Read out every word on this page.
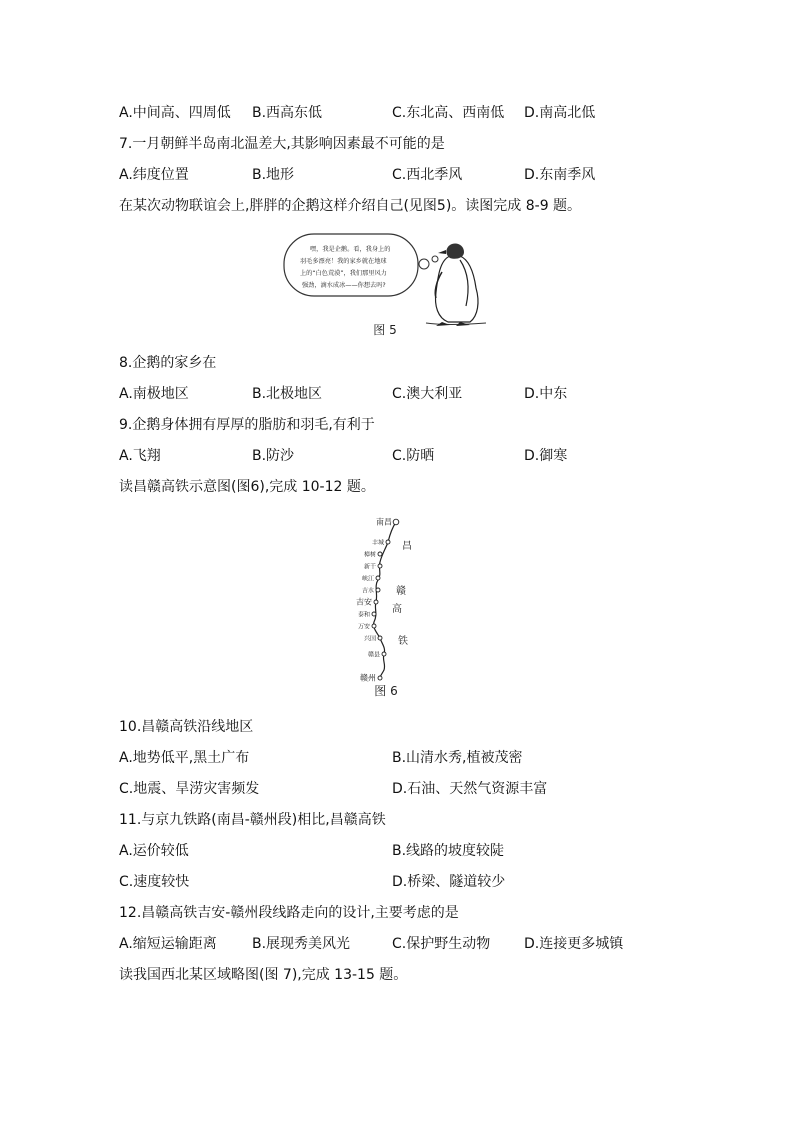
A.中间高、四周低 B.西高东低	C.东北高、西南低 D.南高北低
7.一月朝鲜半岛南北温差大,其影响因素最不可能的是
A.纬度位置	B.地形	C.西北季风	D.东南季风
在某次动物联谊会上,胖胖的企鹅这样介绍自己(见图5)。读图完成 8-9 题。
嘿，我是企鹅。看，我身上的
羽毛多漂亮！我的家乡就在地球
上的“白色荒漠”，我们那里风力
强劲，滴水成冰——你想去吗?
图 5
8.企鹅的家乡在
A.南极地区	B.北极地区	C.澳大利亚	D.中东
9.企鹅身体拥有厚厚的脂肪和羽毛,有利于
A.飞翔	B.防沙	C.防晒	D.御寒
读昌赣高铁示意图(图6),完成 10-12 题。
南昌
丰城
樟树
新干
峡江
吉水
吉安
泰和
万安
兴国
赣县
赣州
昌
赣
高
铁
图 6
10.昌赣高铁沿线地区
A.地势低平,黑土广布	B.山清水秀,植被茂密
C.地震、旱涝灾害频发	D.石油、天然气资源丰富
11.与京九铁路(南昌-赣州段)相比,昌赣高铁
A.运价较低	B.线路的坡度较陡
C.速度较快	D.桥梁、隧道较少
12.昌赣高铁吉安-赣州段线路走向的设计,主要考虑的是
A.缩短运输距离	B.展现秀美风光	C.保护野生动物 D.连接更多城镇
读我国西北某区域略图(图 7),完成 13-15 题。
